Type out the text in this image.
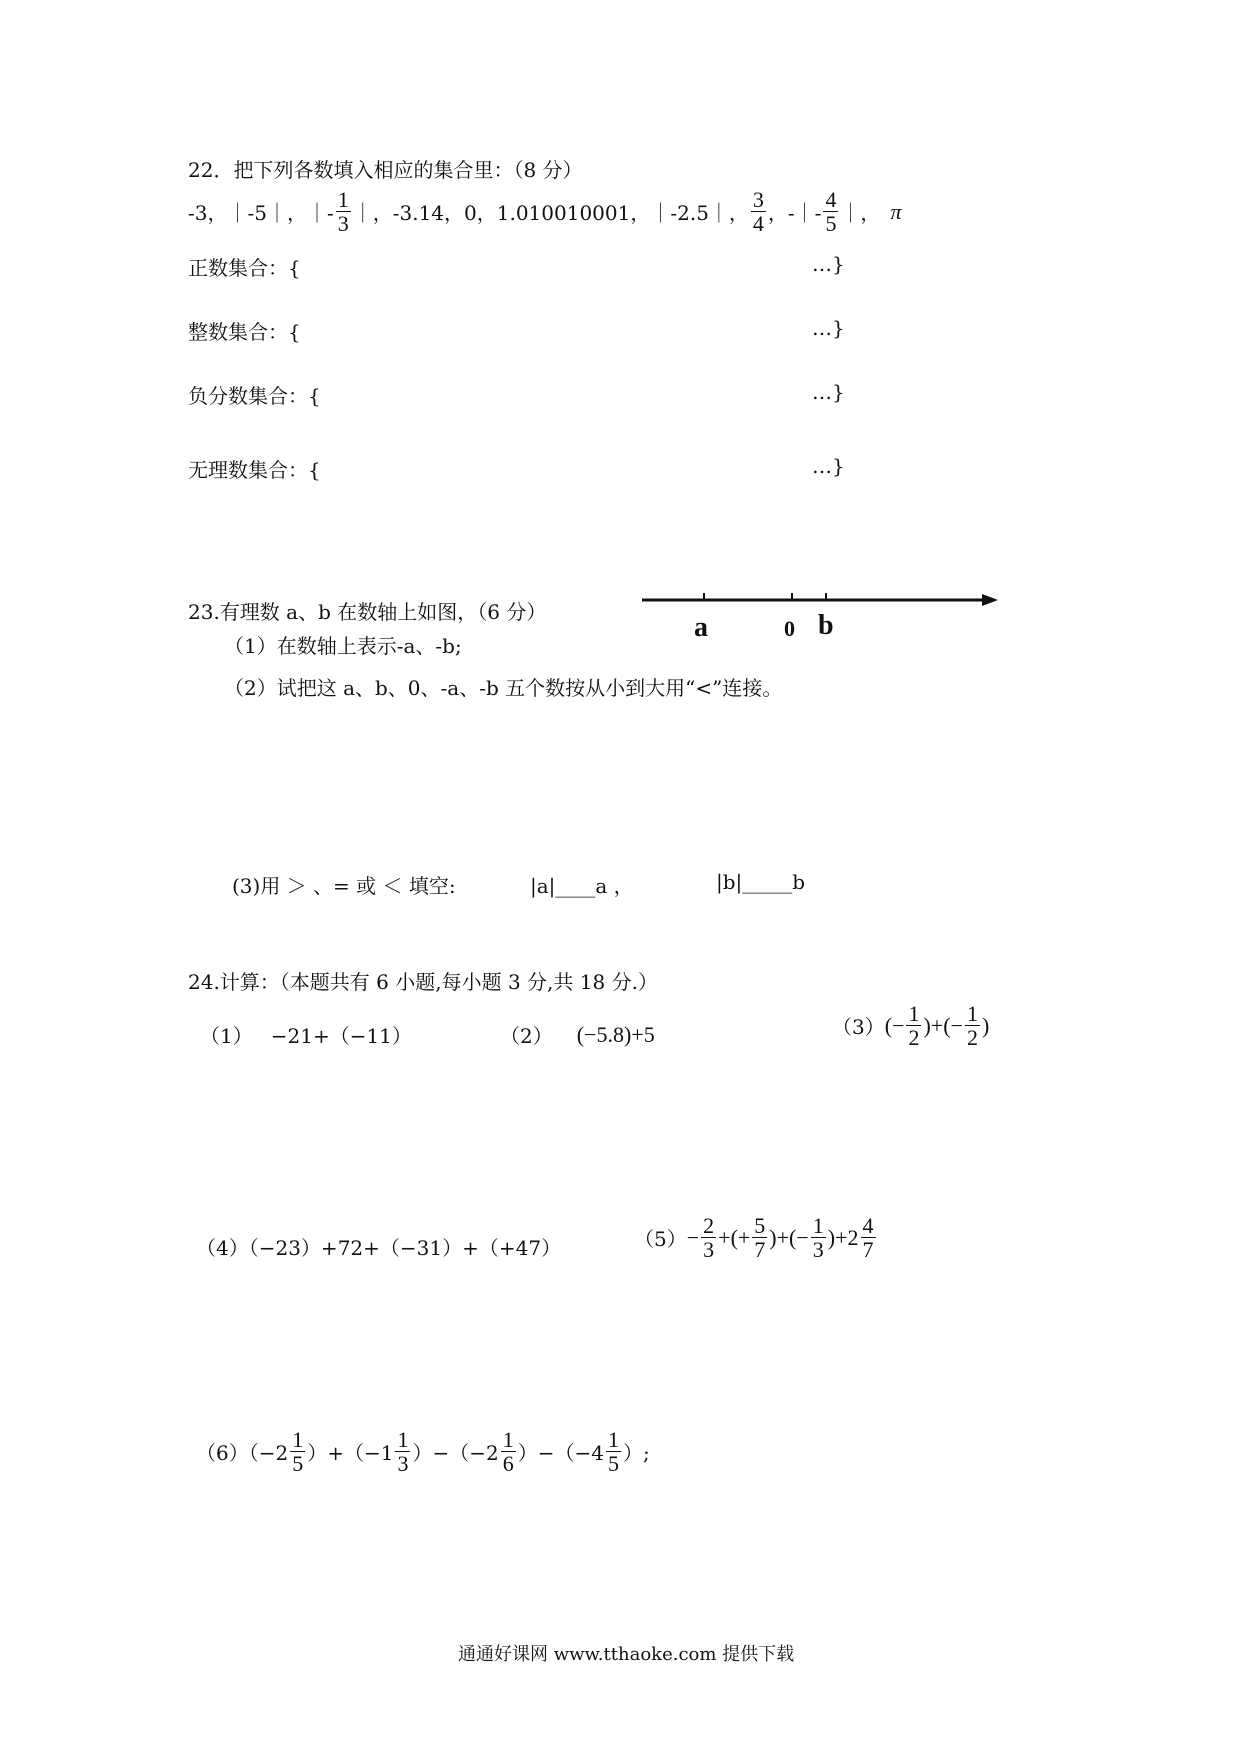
22．把下列各数填入相应的集合里：（8 分）
-3，｜-5｜，｜- $\frac{1}{3}$ ｜，-3.14，0，1.010010001，｜-2.5｜， $\frac{3}{4}$ ，-｜- $\frac{4}{5}$ ｜， π
正数集合：{	…}
整数集合：{	…}
负分数集合：{	…}
无理数集合：{	…}
23.有理数 a、b 在数轴上如图，（6 分）	a	0 b
（1）在数轴上表示-a、-b;
（2）试把这 a、b、0、-a、-b 五个数按从小到大用“<”连接。
(3)用 ＞ 、= 或 ＜ 填空:	|a|____a ，	|b|_____b
24.计算：（本题共有 6 小题,每小题 3 分,共 18 分.）
（1） −21+（−11）	（2） (−5.8)+5	（3） (− $\frac{1}{2}$ )+(− $\frac{1}{2}$ )
（4）（−23）+72+（−31）+（+47）	$(5) - \frac{2}{3}$ +(+ $\frac{5}{7}$ )+(− $\frac{1}{3} )+2 \frac{4}{7}$
$(6)(-2 \frac{1}{5} )+(-1 \frac{1}{3} )-(-2 \frac{1}{6} )-(-4 \frac{1}{5}$ ）;
通通好课网 www.tthaoke.com 提供下载
